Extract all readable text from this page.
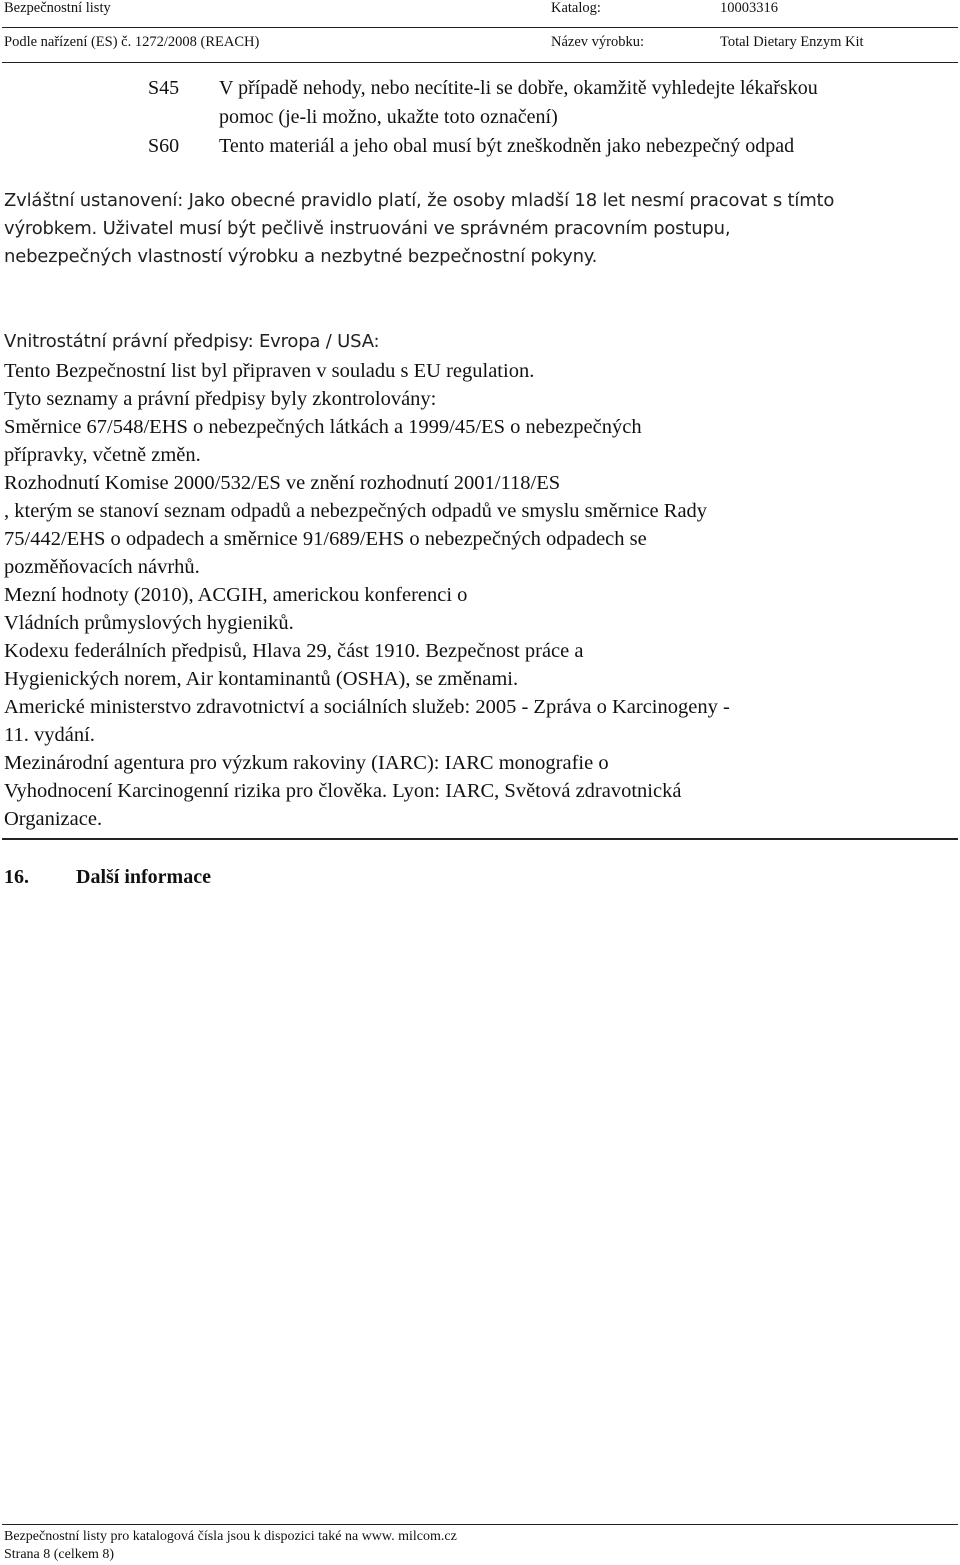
Bezpečnostní listy	Katalog:	10003316
Podle nařízení (ES) č. 1272/2008 (REACH)	Název výrobku:	Total Dietary Enzym Kit
S45 V případě nehody, nebo necítite-li se dobře, okamžitě vyhledejte lékařskou
pomoc (je-li možno, ukažte toto označení)
S60 Tento materiál a jeho obal musí být zneškodněn jako nebezpečný odpad
Zvláštní ustanovení: Jako obecné pravidlo platí, že osoby mladší 18 let nesmí pracovat s tímto
výrobkem. Uživatel musí být pečlivě instruováni ve správném pracovním postupu,
nebezpečných vlastností výrobku a nezbytné bezpečnostní pokyny.
Vnitrostátní právní předpisy: Evropa / USA:
Tento Bezpečnostní list byl připraven v souladu s EU regulation.
Tyto seznamy a právní předpisy byly zkontrolovány:
Směrnice 67/548/EHS o nebezpečných látkách a 1999/45/ES o nebezpečných
přípravky, včetně změn.
Rozhodnutí Komise 2000/532/ES ve znění rozhodnutí 2001/118/ES
, kterým se stanoví seznam odpadů a nebezpečných odpadů ve smyslu směrnice Rady
75/442/EHS o odpadech a směrnice 91/689/EHS o nebezpečných odpadech se
pozměňovacích návrhů.
Mezní hodnoty (2010), ACGIH, americkou konferenci o
Vládních průmyslových hygieniků.
Kodexu federálních předpisů, Hlava 29, část 1910. Bezpečnost práce a
Hygienických norem, Air kontaminantů (OSHA), se změnami.
Americké ministerstvo zdravotnictví a sociálních služeb: 2005 - Zpráva o Karcinogeny -
11. vydání.
Mezinárodní agentura pro výzkum rakoviny (IARC): IARC monografie o
Vyhodnocení Karcinogenní rizika pro člověka. Lyon: IARC, Světová zdravotnická
Organizace.
16. Další informace
Bezpečnostní listy pro katalogová čísla jsou k dispozici také na www. milcom.cz
Strana 8 (celkem 8)
